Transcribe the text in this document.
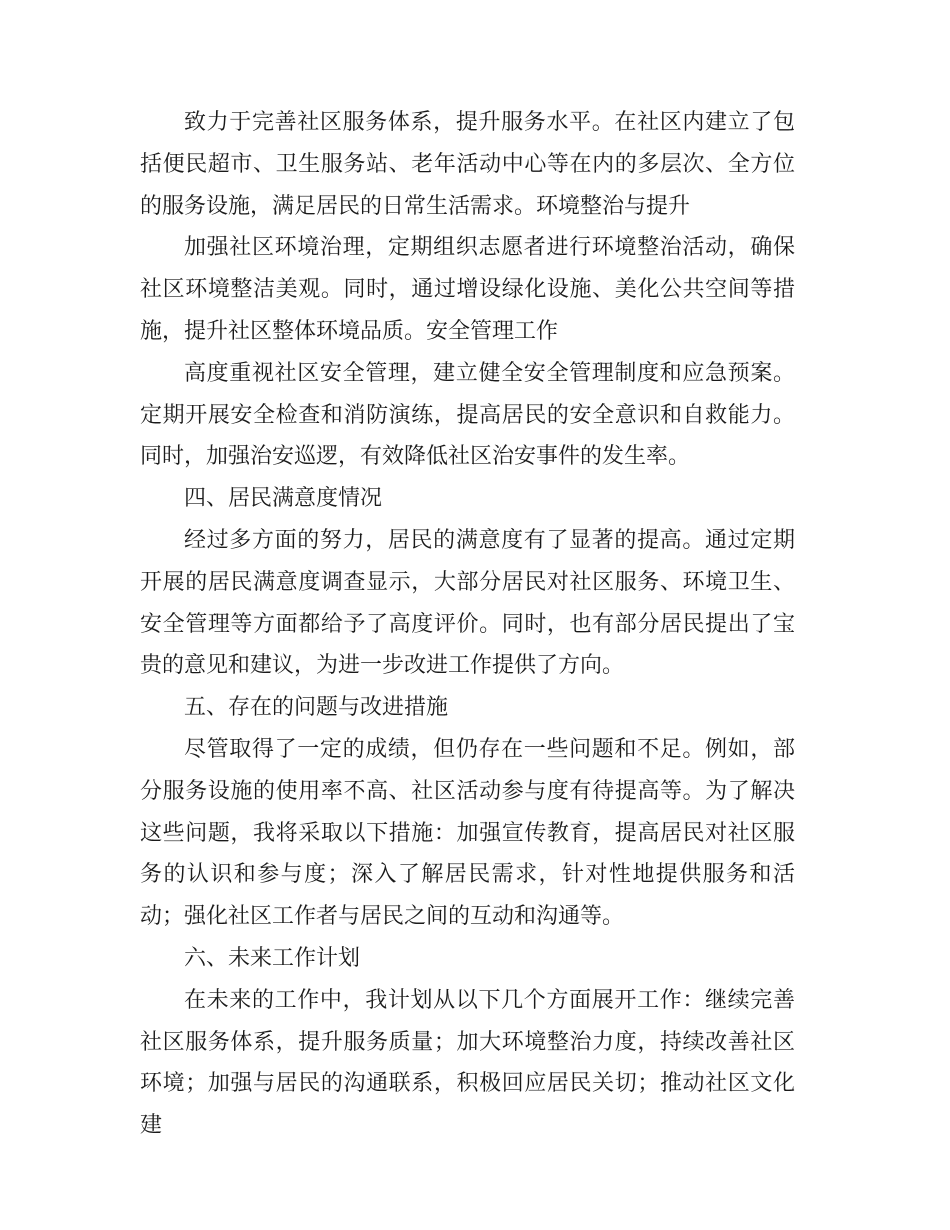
致力于完善社区服务体系，提升服务水平。在社区内建立了包括便民超市、卫生服务站、老年活动中心等在内的多层次、全方位的服务设施，满足居民的日常生活需求。环境整治与提升

加强社区环境治理，定期组织志愿者进行环境整治活动，确保社区环境整洁美观。同时，通过增设绿化设施、美化公共空间等措施，提升社区整体环境品质。安全管理工作

高度重视社区安全管理，建立健全安全管理制度和应急预案。定期开展安全检查和消防演练，提高居民的安全意识和自救能力。同时，加强治安巡逻，有效降低社区治安事件的发生率。

四、居民满意度情况

经过多方面的努力，居民的满意度有了显著的提高。通过定期开展的居民满意度调查显示，大部分居民对社区服务、环境卫生、安全管理等方面都给予了高度评价。同时，也有部分居民提出了宝贵的意见和建议，为进一步改进工作提供了方向。

五、存在的问题与改进措施

尽管取得了一定的成绩，但仍存在一些问题和不足。例如，部分服务设施的使用率不高、社区活动参与度有待提高等。为了解决这些问题，我将采取以下措施：加强宣传教育，提高居民对社区服务的认识和参与度；深入了解居民需求，针对性地提供服务和活动；强化社区工作者与居民之间的互动和沟通等。

六、未来工作计划

在未来的工作中，我计划从以下几个方面展开工作：继续完善社区服务体系，提升服务质量；加大环境整治力度，持续改善社区环境；加强与居民的沟通联系，积极回应居民关切；推动社区文化建
